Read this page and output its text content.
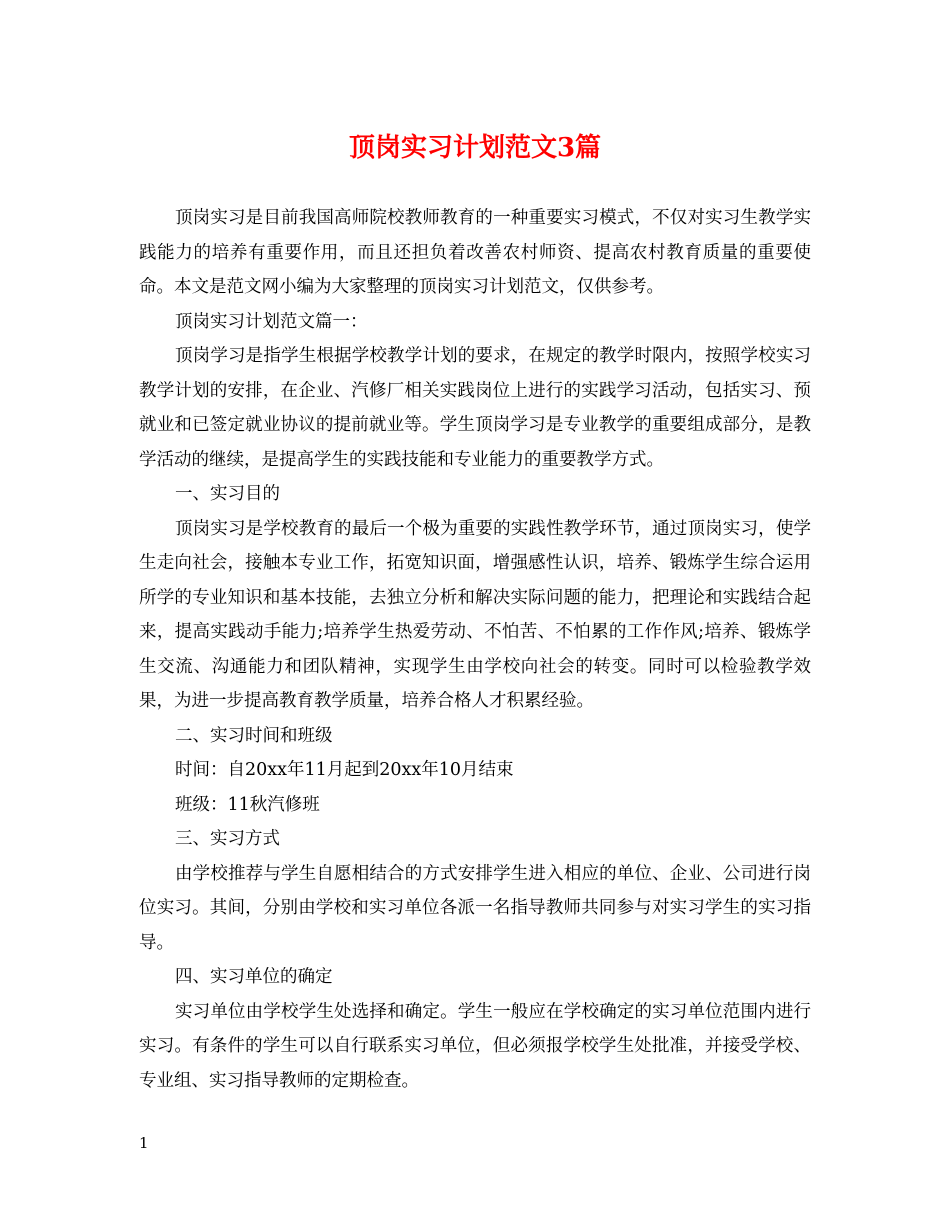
顶岗实习计划范文3篇

顶岗实习是目前我国高师院校教师教育的一种重要实习模式，不仅对实习生教学实践能力的培养有重要作用，而且还担负着改善农村师资、提高农村教育质量的重要使命。本文是范文网小编为大家整理的顶岗实习计划范文，仅供参考。

顶岗实习计划范文篇一：

顶岗学习是指学生根据学校教学计划的要求，在规定的教学时限内，按照学校实习教学计划的安排，在企业、汽修厂相关实践岗位上进行的实践学习活动，包括实习、预就业和已签定就业协议的提前就业等。学生顶岗学习是专业教学的重要组成部分，是教学活动的继续，是提高学生的实践技能和专业能力的重要教学方式。

一、实习目的

顶岗实习是学校教育的最后一个极为重要的实践性教学环节，通过顶岗实习，使学生走向社会，接触本专业工作，拓宽知识面，增强感性认识，培养、锻炼学生综合运用所学的专业知识和基本技能，去独立分析和解决实际问题的能力，把理论和实践结合起来，提高实践动手能力;培养学生热爱劳动、不怕苦、不怕累的工作作风;培养、锻炼学生交流、沟通能力和团队精神，实现学生由学校向社会的转变。同时可以检验教学效果，为进一步提高教育教学质量，培养合格人才积累经验。

二、实习时间和班级

时间：自20xx年11月起到20xx年10月结束

班级：11秋汽修班

三、实习方式

由学校推荐与学生自愿相结合的方式安排学生进入相应的单位、企业、公司进行岗位实习。其间，分别由学校和实习单位各派一名指导教师共同参与对实习学生的实习指导。

四、实习单位的确定

实习单位由学校学生处选择和确定。学生一般应在学校确定的实习单位范围内进行实习。有条件的学生可以自行联系实习单位，但必须报学校学生处批准，并接受学校、专业组、实习指导教师的定期检查。

1
